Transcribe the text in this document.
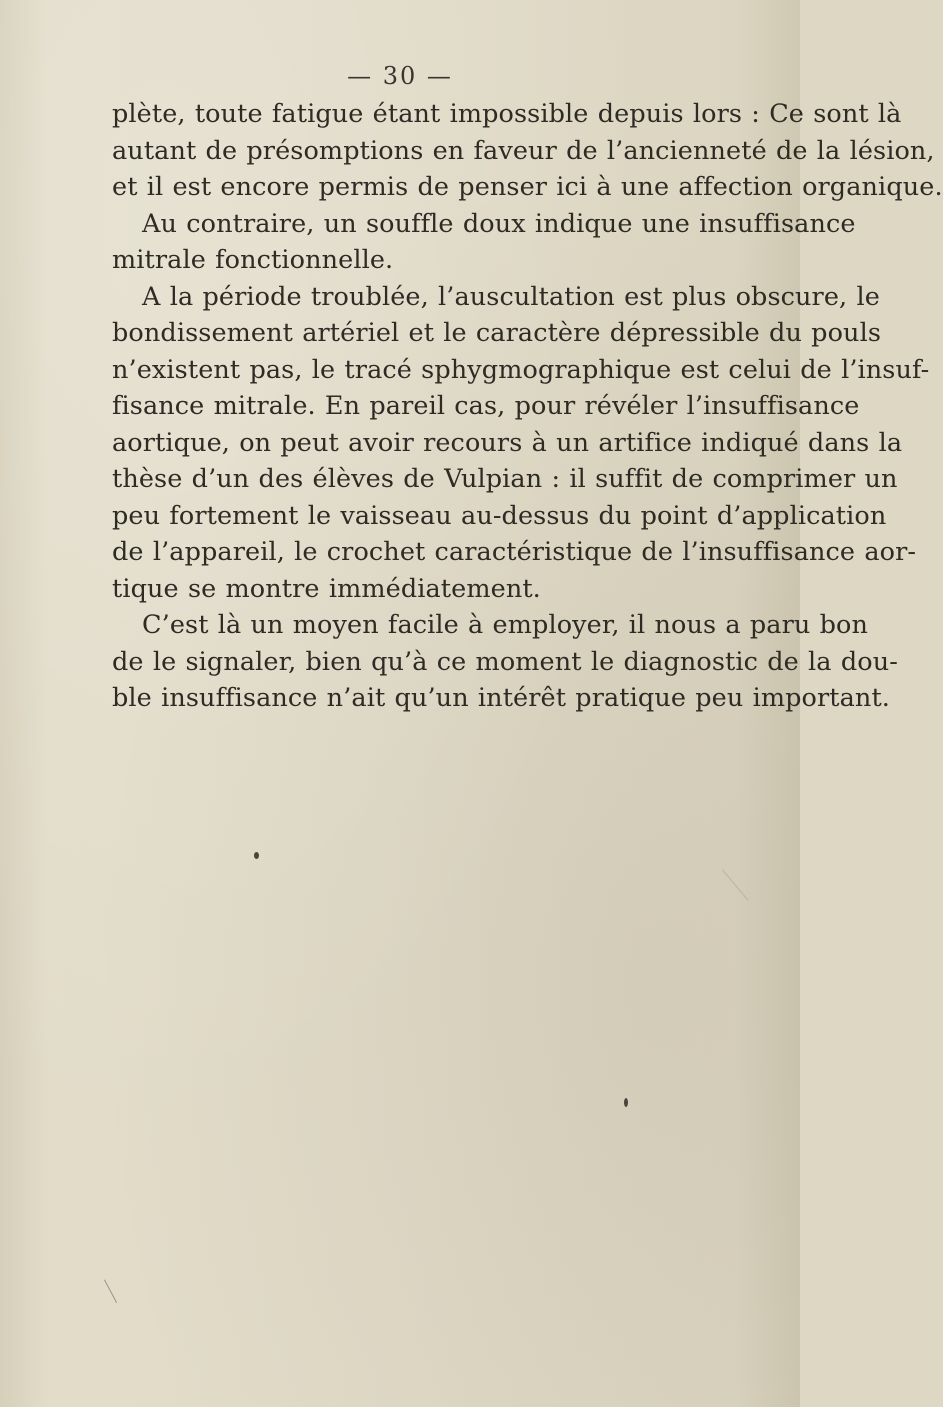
— 30 —
plète, toute fatigue étant impossible depuis lors : Ce sont là
autant de présomptions en faveur de l’ancienneté de la lésion,
et il est encore permis de penser ici à une affection organique.
Au contraire, un souffle doux indique une insuffisance
mitrale fonctionnelle.
A la période troublée, l’auscultation est plus obscure, le
bondissement artériel et le caractère dépressible du pouls
n’existent pas, le tracé sphygmographique est celui de l’insuf-
fisance mitrale. En pareil cas, pour révéler l’insuffisance
aortique, on peut avoir recours à un artifice indiqué dans la
thèse d’un des élèves de Vulpian : il suffit de comprimer un
peu fortement le vaisseau au-dessus du point d’application
de l’appareil, le crochet caractéristique de l’insuffisance aor-
tique se montre immédiatement.
C’est là un moyen facile à employer, il nous a paru bon
de le signaler, bien qu’à ce moment le diagnostic de la dou-
ble insuffisance n’ait qu’un intérêt pratique peu important.
